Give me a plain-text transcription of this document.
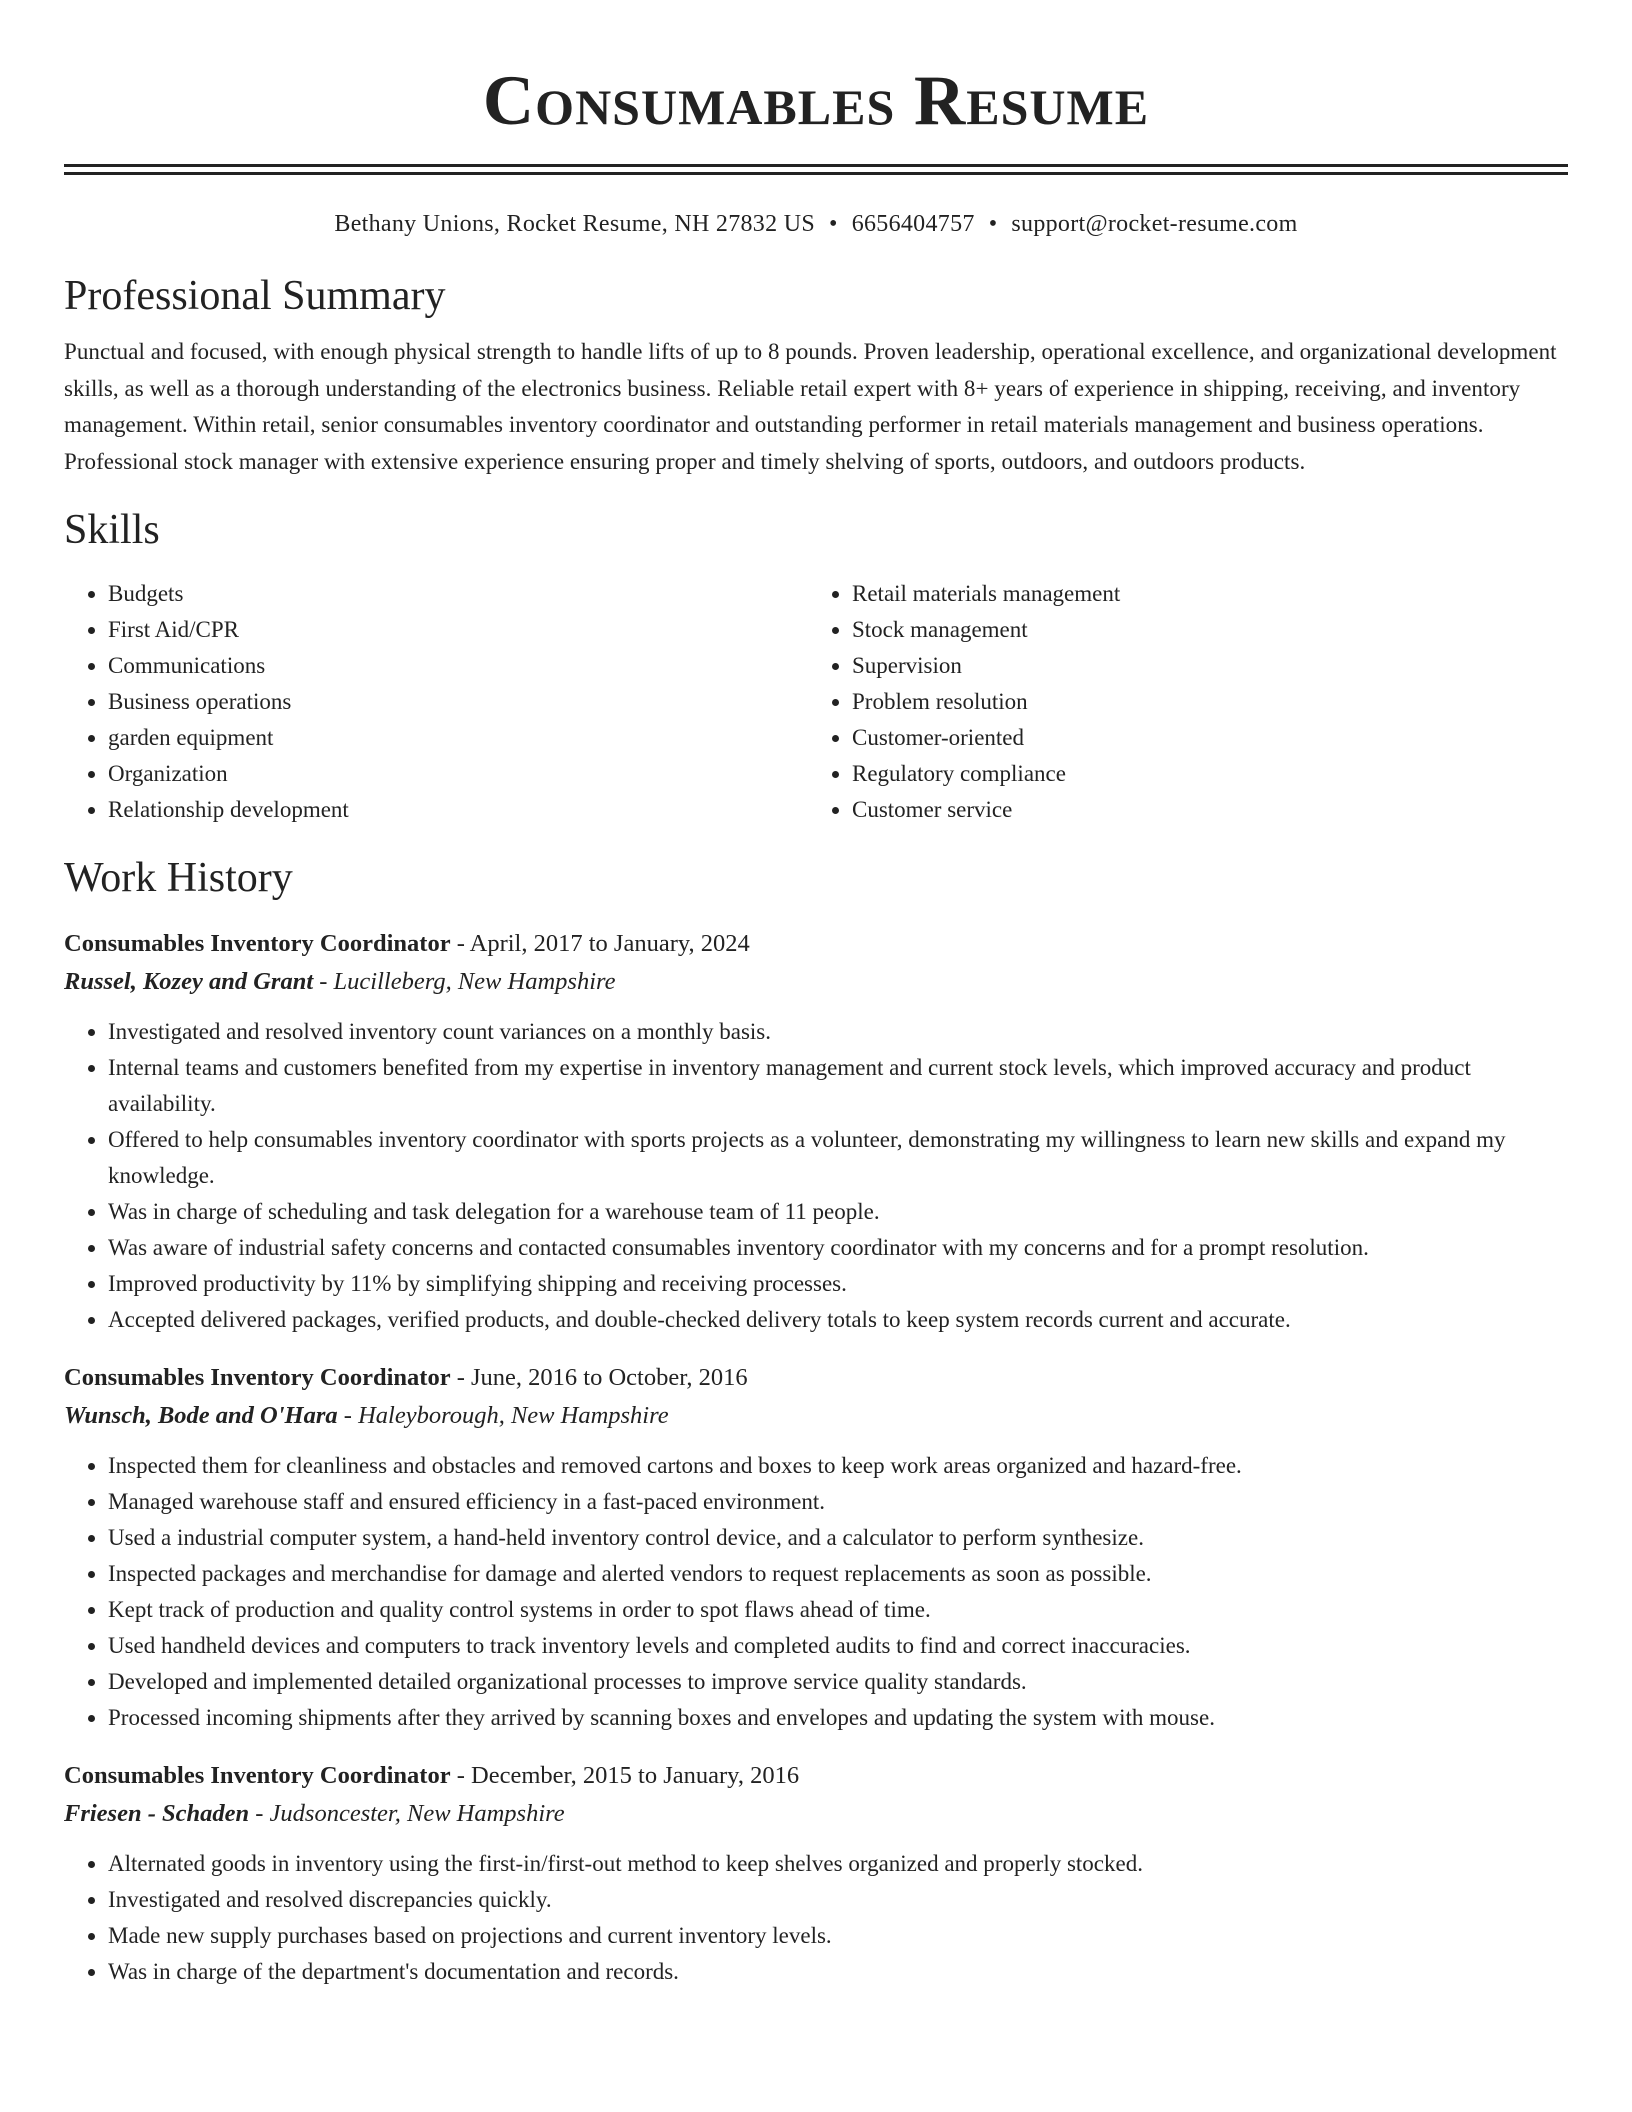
Consumables Resume
Bethany Unions, Rocket Resume, NH 27832 US • 6656404757 • support@rocket-resume.com
Professional Summary
Punctual and focused, with enough physical strength to handle lifts of up to 8 pounds. Proven leadership, operational excellence, and organizational development skills, as well as a thorough understanding of the electronics business. Reliable retail expert with 8+ years of experience in shipping, receiving, and inventory management. Within retail, senior consumables inventory coordinator and outstanding performer in retail materials management and business operations. Professional stock manager with extensive experience ensuring proper and timely shelving of sports, outdoors, and outdoors products.
Skills
• Budgets
• First Aid/CPR
• Communications
• Business operations
• garden equipment
• Organization
• Relationship development
• Retail materials management
• Stock management
• Supervision
• Problem resolution
• Customer-oriented
• Regulatory compliance
• Customer service
Work History
Consumables Inventory Coordinator - April, 2017 to January, 2024
Russel, Kozey and Grant - Lucilleberg, New Hampshire
• Investigated and resolved inventory count variances on a monthly basis.
• Internal teams and customers benefited from my expertise in inventory management and current stock levels, which improved accuracy and product availability.
• Offered to help consumables inventory coordinator with sports projects as a volunteer, demonstrating my willingness to learn new skills and expand my knowledge.
• Was in charge of scheduling and task delegation for a warehouse team of 11 people.
• Was aware of industrial safety concerns and contacted consumables inventory coordinator with my concerns and for a prompt resolution.
• Improved productivity by 11% by simplifying shipping and receiving processes.
• Accepted delivered packages, verified products, and double-checked delivery totals to keep system records current and accurate.
Consumables Inventory Coordinator - June, 2016 to October, 2016
Wunsch, Bode and O'Hara - Haleyborough, New Hampshire
• Inspected them for cleanliness and obstacles and removed cartons and boxes to keep work areas organized and hazard-free.
• Managed warehouse staff and ensured efficiency in a fast-paced environment.
• Used a industrial computer system, a hand-held inventory control device, and a calculator to perform synthesize.
• Inspected packages and merchandise for damage and alerted vendors to request replacements as soon as possible.
• Kept track of production and quality control systems in order to spot flaws ahead of time.
• Used handheld devices and computers to track inventory levels and completed audits to find and correct inaccuracies.
• Developed and implemented detailed organizational processes to improve service quality standards.
• Processed incoming shipments after they arrived by scanning boxes and envelopes and updating the system with mouse.
Consumables Inventory Coordinator - December, 2015 to January, 2016
Friesen - Schaden - Judsoncester, New Hampshire
• Alternated goods in inventory using the first-in/first-out method to keep shelves organized and properly stocked.
• Investigated and resolved discrepancies quickly.
• Made new supply purchases based on projections and current inventory levels.
• Was in charge of the department's documentation and records.
